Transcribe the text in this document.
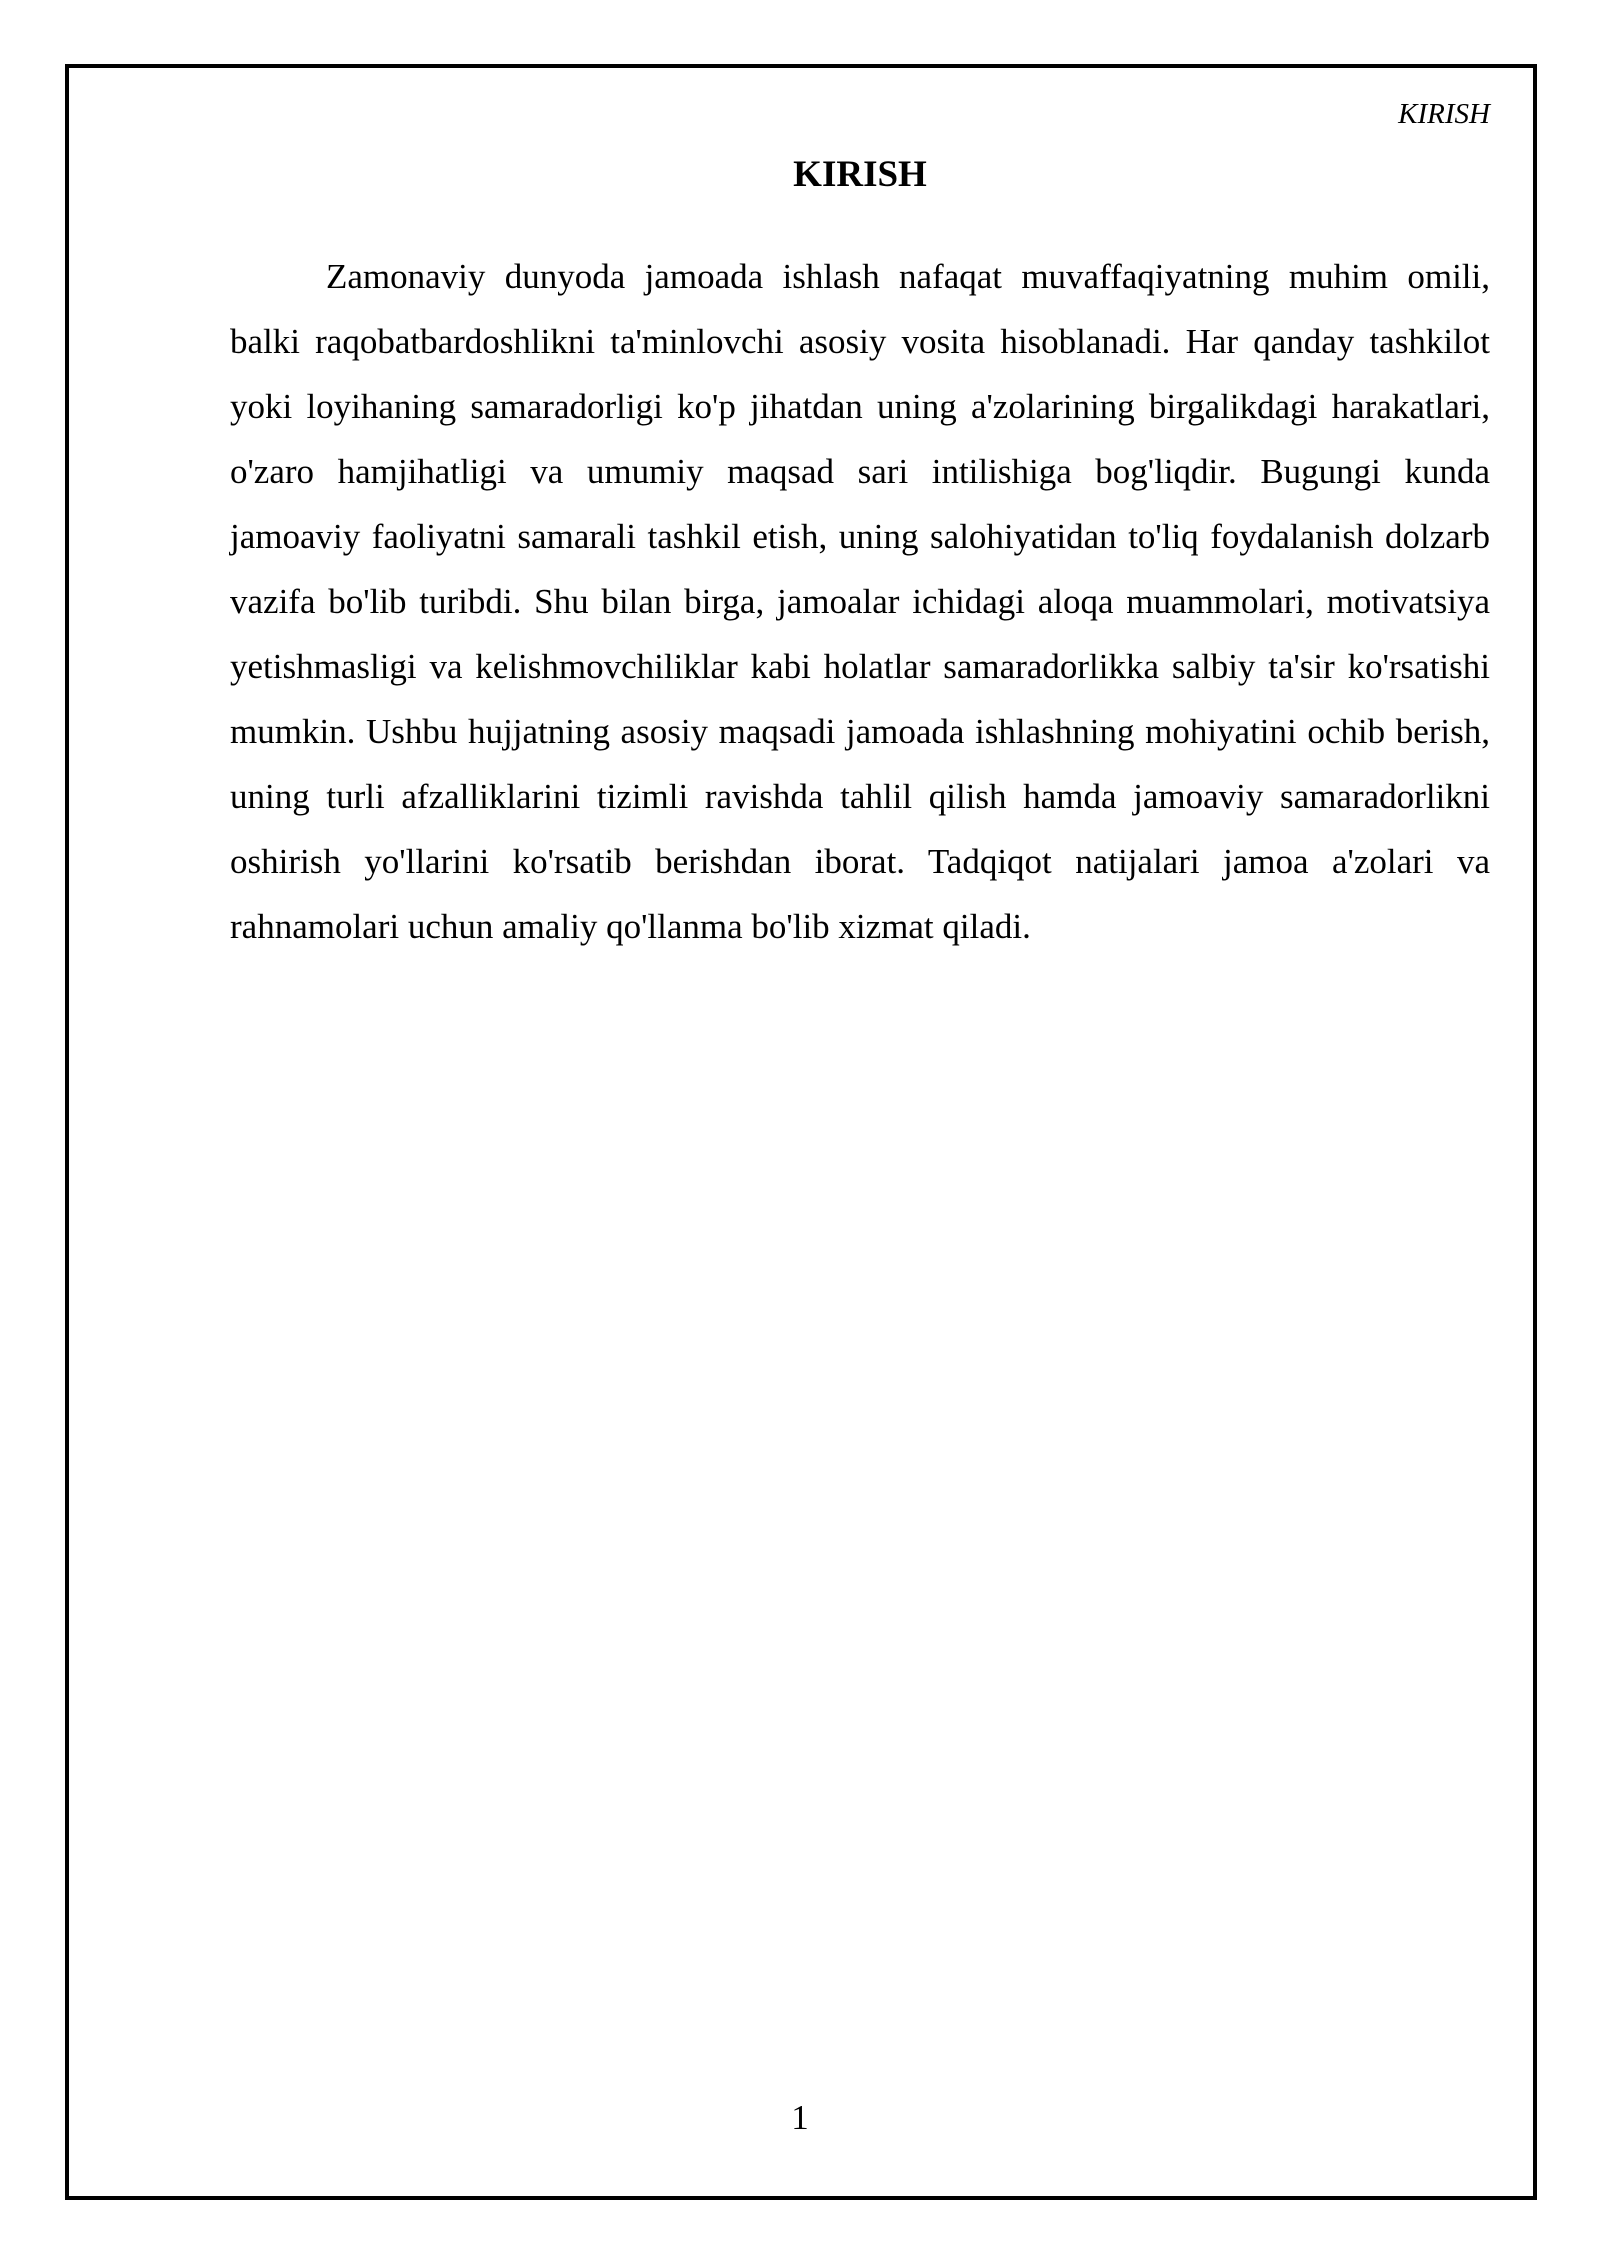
KIRISH
KIRISH

Zamonaviy dunyoda jamoada ishlash nafaqat muvaffaqiyatning muhim omili, balki raqobatbardoshlikni ta'minlovchi asosiy vosita hisoblanadi. Har qanday tashkilot yoki loyihaning samaradorligi ko'p jihatdan uning a'zolarining birgalikdagi harakatlari, o'zaro hamjihatligi va umumiy maqsad sari intilishiga bog'liqdir. Bugungi kunda jamoaviy faoliyatni samarali tashkil etish, uning salohiyatidan to'liq foydalanish dolzarb vazifa bo'lib turibdi. Shu bilan birga, jamoalar ichidagi aloqa muammolari, motivatsiya yetishmasligi va kelishmovchiliklar kabi holatlar samaradorlikka salbiy ta'sir ko'rsatishi mumkin. Ushbu hujjatning asosiy maqsadi jamoada ishlashning mohiyatini ochib berish, uning turli afzalliklarini tizimli ravishda tahlil qilish hamda jamoaviy samaradorlikni oshirish yo'llarini ko'rsatib berishdan iborat. Tadqiqot natijalari jamoa a'zolari va rahnamolari uchun amaliy qo'llanma bo'lib xizmat qiladi.

1
